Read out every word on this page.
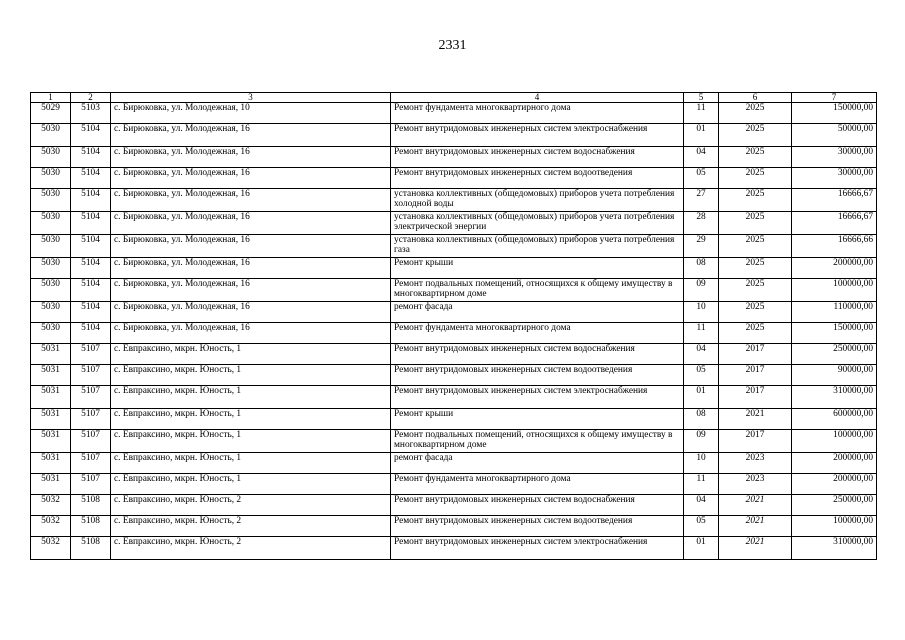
2331
1	2	3	4	5	6	7
5029	5103	с. Бирюковка, ул. Молодежная, 10	Ремонт фундамента многоквартирного дома	11	2025	150000,00
5030	5104	с. Бирюковка, ул. Молодежная, 16	Ремонт внутридомовых инженерных систем электроснабжения	01	2025	50000,00
5030	5104	с. Бирюковка, ул. Молодежная, 16	Ремонт внутридомовых инженерных систем водоснабжения	04	2025	30000,00
5030	5104	с. Бирюковка, ул. Молодежная, 16	Ремонт внутридомовых инженерных систем водоотведения	05	2025	30000,00
5030	5104	с. Бирюковка, ул. Молодежная, 16	установка коллективных (общедомовых) приборов учета потребления холодной воды	27	2025	16666,67
5030	5104	с. Бирюковка, ул. Молодежная, 16	установка коллективных (общедомовых) приборов учета потребления электрической энергии	28	2025	16666,67
5030	5104	с. Бирюковка, ул. Молодежная, 16	установка коллективных (общедомовых) приборов учета потребления газа	29	2025	16666,66
5030	5104	с. Бирюковка, ул. Молодежная, 16	Ремонт крыши	08	2025	200000,00
5030	5104	с. Бирюковка, ул. Молодежная, 16	Ремонт подвальных помещений, относящихся к общему имуществу в многоквартирном доме	09	2025	100000,00
5030	5104	с. Бирюковка, ул. Молодежная, 16	ремонт фасада	10	2025	110000,00
5030	5104	с. Бирюковка, ул. Молодежная, 16	Ремонт фундамента многоквартирного дома	11	2025	150000,00
5031	5107	с. Евпраксино, мкрн. Юность, 1	Ремонт внутридомовых инженерных систем водоснабжения	04	2017	250000,00
5031	5107	с. Евпраксино, мкрн. Юность, 1	Ремонт внутридомовых инженерных систем водоотведения	05	2017	90000,00
5031	5107	с. Евпраксино, мкрн. Юность, 1	Ремонт внутридомовых инженерных систем электроснабжения	01	2017	310000,00
5031	5107	с. Евпраксино, мкрн. Юность, 1	Ремонт крыши	08	2021	600000,00
5031	5107	с. Евпраксино, мкрн. Юность, 1	Ремонт подвальных помещений, относящихся к общему имуществу в многоквартирном доме	09	2017	100000,00
5031	5107	с. Евпраксино, мкрн. Юность, 1	ремонт фасада	10	2023	200000,00
5031	5107	с. Евпраксино, мкрн. Юность, 1	Ремонт фундамента многоквартирного дома	11	2023	200000,00
5032	5108	с. Евпраксино, мкрн. Юность, 2	Ремонт внутридомовых инженерных систем водоснабжения	04	2021	250000,00
5032	5108	с. Евпраксино, мкрн. Юность, 2	Ремонт внутридомовых инженерных систем водоотведения	05	2021	100000,00
5032	5108	с. Евпраксино, мкрн. Юность, 2	Ремонт внутридомовых инженерных систем электроснабжения	01	2021	310000,00
